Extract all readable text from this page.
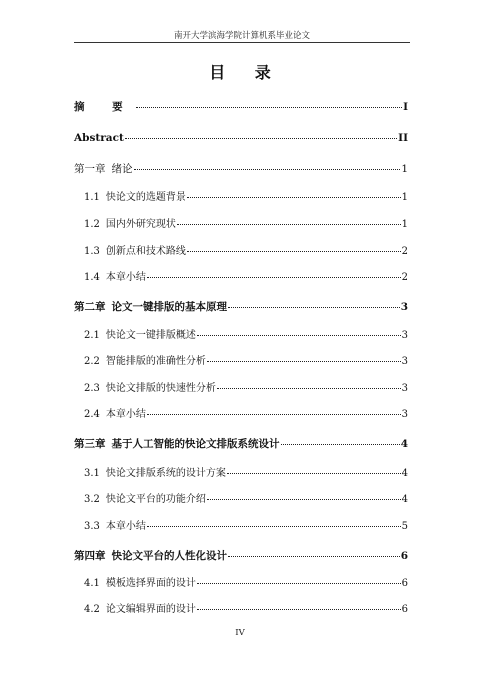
南开大学滨海学院计算机系毕业论文
目 录
摘 要	I
Abstract	II
第一章 绪论	1
1.1 快论文的选题背景	1
1.2 国内外研究现状	1
1.3 创新点和技术路线	2
1.4 本章小结	2
第二章 论文一键排版的基本原理	3
2.1 快论文一键排版概述	3
2.2 智能排版的准确性分析	3
2.3 快论文排版的快速性分析	3
2.4 本章小结	3
第三章 基于人工智能的快论文排版系统设计	4
3.1 快论文排版系统的设计方案	4
3.2 快论文平台的功能介绍	4
3.3 本章小结	5
第四章 快论文平台的人性化设计	6
4.1 模板选择界面的设计	6
4.2 论文编辑界面的设计	6
IV
